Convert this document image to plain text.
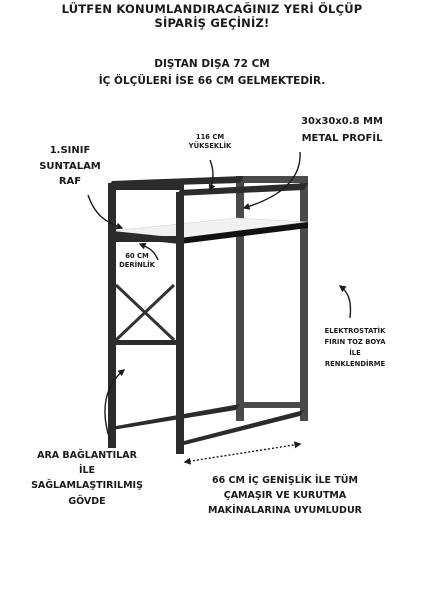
LÜTFEN KONUMLANDIRACAĞINIZ YERİ ÖLÇÜP
SİPARİŞ GEÇİNİZ!
DIŞTAN DIŞA 72 CM
İÇ ÖLÇÜLERİ İSE 66 CM GELMEKTEDİR.
1.SINIF
SUNTALAM
RAF
116 CM
YÜKSEKLİK
30x30x0.8 MM
METAL PROFİL
60 CM
DERİNLİK
ELEKTROSTATİK
FIRIN TOZ BOYA
İLE
RENKLENDİRME
ARA BAĞLANTILAR
İLE
SAĞLAMLAŞTIRILMIŞ
GÖVDE
66 CM İÇ GENİŞLİK İLE TÜM
ÇAMAŞIR VE KURUTMA
MAKİNALARINA UYUMLUDUR
